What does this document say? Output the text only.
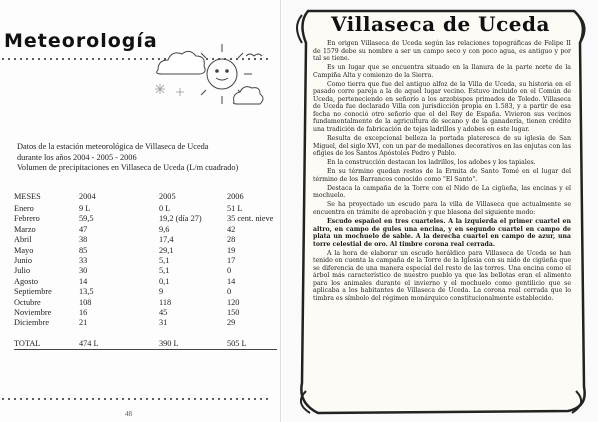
Meteorología
Datos de la estación meteorológica de Villaseca de Uceda
durante los años 2004 - 2005 - 2006
Volumen de precipitaciones en Villaseca de Uceda (L/m cuadrado)
MESES	2004	2005	2006
Enero	9 L	0 L	51 L
Febrero	59,5	19,2 (día 27)	35 cent. nieve
Marzo	47	9,6	42
Abril	38	17,4	28
Mayo	85	29,1	19
Junio	33	5,1	17
Julio	30	5,1	0
Agosto	14	0,1	14
Septiembre	13,5	9	0
Octubre	108	118	120
Noviembre	16	45	150
Diciembre	21	31	29
TOTAL	474 L	390 L	505 L

48
Villaseca de Uceda

En origen Villaseca de Uceda según las relaciones topográficas de Felipe II de 1579 debe su nombre a ser un campo seco y con poco agua, es antiguo y por tal se tiene.

Es un lugar que se encuentra situado en la llanura de la parte norte de la Campiña Alta y comienzo de la Sierra.

Como tierra que fue del antiguo alfoz de la Villa de Uceda, su historia en el pasado corre pareja a la de aquel lugar vecino. Estuvo incluido en el Común de Uceda, perteneciendo en señorío a los arzobispos primados de Toledo. Villaseca de Uceda fue declarado Villa con jurisdicción propia en 1.583, y a partir de esa fecha no conoció otro señorío que el del Rey de España. Vivieron sus vecinos fundamentalmente de la agricultura de secano y de la ganadería, tienen crédito una tradición de fabricación de tejas ladrillos y adobes en este lugar.

Resulta de excepcional belleza la portada plateresca de su iglesia de San Miguel, del siglo XVI, con un par de medallones decorativos en las enjutas con las efigies de los Santos Apóstoles Pedro y Pablo.

En la construcción destacan los ladrillos, los adobes y los tapiales.

En su término quedan restos de la Ermita de Santo Tomé en el lugar del término de los Barrancos conocido como "El Santo".

Destaca la campaña de la Torre con el Nido de La cigüeña, las encinas y el mochuelo.

Se ha proyectado un escudo para la villa de Villaseca que actualmente se encuentra en trámite de aprobación y que blasona del siguiente modo:

Escudo español en tres cuarteles. A la izquierda el primer cuartel en altro, en campo de gules una encina, y en segundo cuartel en campo de plata un mochuelo de sable. A la derecha cuartel en campo de azur, una torre celestial de oro. Al timbre corona real cerrada.

A la hora de elaborar un escudo heráldico para Villaseca de Uceda se han tenido en cuenta la campaña de la Torre de la Iglesia con su nido de cigüeña que se diferencia de una manera especial del resto de las torres. Una encina como el árbol más característico de nuestro pueblo ya que las bellotas eran el alimento para los animales durante el invierno y el mochuelo como gentilicio que se aplicaba a los habitantes de Villaseca de Uceda. La corona real cerrada que lo timbra es símbolo del régimen monárquico constitucionalmente establecido.
